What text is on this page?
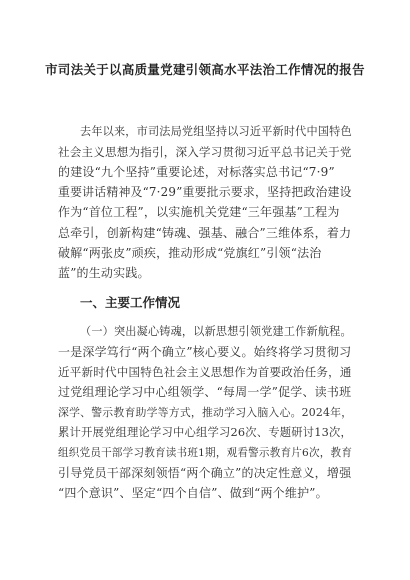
市司法关于以高质量党建引领高水平法治工作情况的报告
去年以来，市司法局党组坚持以习近平新时代中国特色
社会主义思想为指引，深入学习贯彻习近平总书记关于党
的建设“九个坚持”重要论述，对标落实总书记“7·9”
重要讲话精神及“7·29”重要批示要求，坚持把政治建设
作为“首位工程”，以实施机关党建“三年强基”工程为
总牵引，创新构建“铸魂、强基、融合”三维体系，着力
破解“两张皮”顽疾，推动形成“党旗红”引领“法治
蓝”的生动实践。
一、主要工作情况
（一）突出凝心铸魂，以新思想引领党建工作新航程。
一是深学笃行“两个确立”核心要义。始终将学习贯彻习
近平新时代中国特色社会主义思想作为首要政治任务，通
过党组理论学习中心组领学、“每周一学”促学、读书班
深学、警示教育助学等方式，推动学习入脑入心。2024年，
累计开展党组理论学习中心组学习26次、专题研讨13次，
组织党员干部学习教育读书班1期，观看警示教育片6次，教育
引导党员干部深刻领悟“两个确立”的决定性意义，增强
“四个意识”、坚定“四个自信”、做到“两个维护”。
